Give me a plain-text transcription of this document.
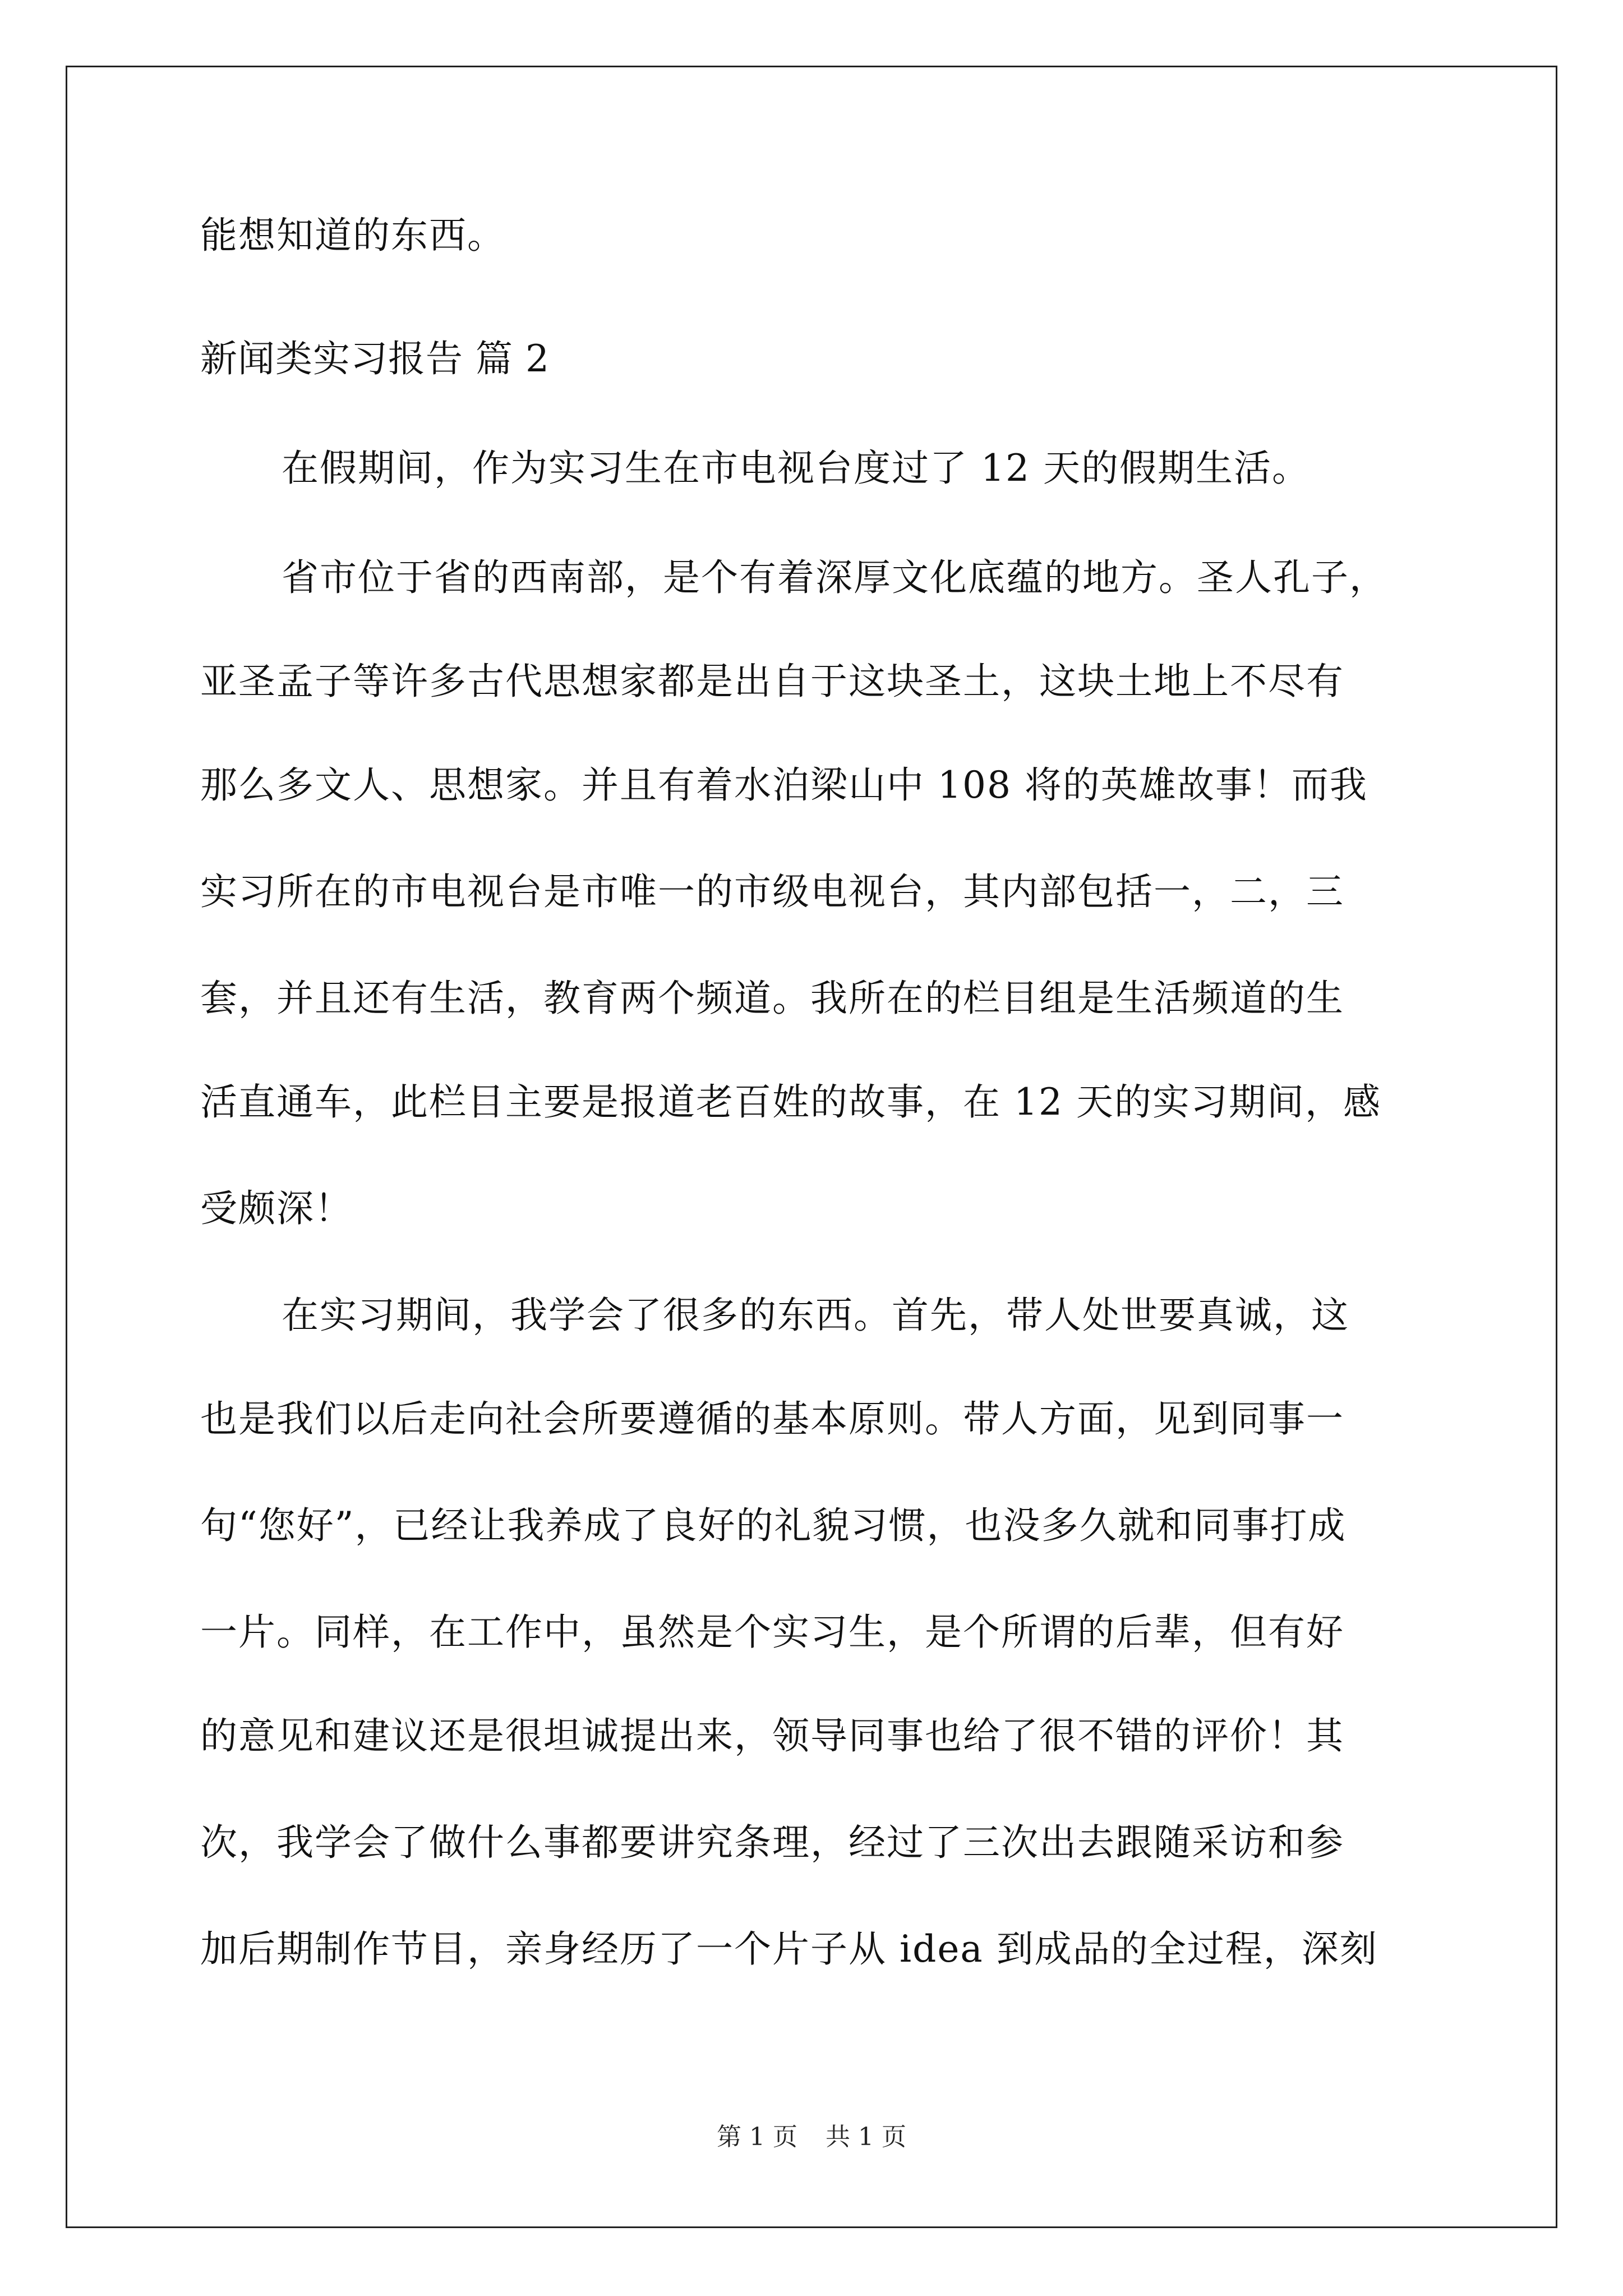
能想知道的东西。
新闻类实习报告 篇 2
在假期间，作为实习生在市电视台度过了 12 天的假期生活。
省市位于省的西南部，是个有着深厚文化底蕴的地方。圣人孔子，
亚圣孟子等许多古代思想家都是出自于这块圣土，这块土地上不尽有
那么多文人、思想家。并且有着水泊梁山中 108 将的英雄故事！而我
实习所在的市电视台是市唯一的市级电视台，其内部包括一，二，三
套，并且还有生活，教育两个频道。我所在的栏目组是生活频道的生
活直通车，此栏目主要是报道老百姓的故事，在 12 天的实习期间，感
受颇深！
在实习期间，我学会了很多的东西。首先，带人处世要真诚，这
也是我们以后走向社会所要遵循的基本原则。带人方面，见到同事一
句“您好”，已经让我养成了良好的礼貌习惯，也没多久就和同事打成
一片。同样，在工作中，虽然是个实习生，是个所谓的后辈，但有好
的意见和建议还是很坦诚提出来，领导同事也给了很不错的评价！其
次，我学会了做什么事都要讲究条理，经过了三次出去跟随采访和参
加后期制作节目，亲身经历了一个片子从 idea 到成品的全过程，深刻
第 1 页 共 1 页
